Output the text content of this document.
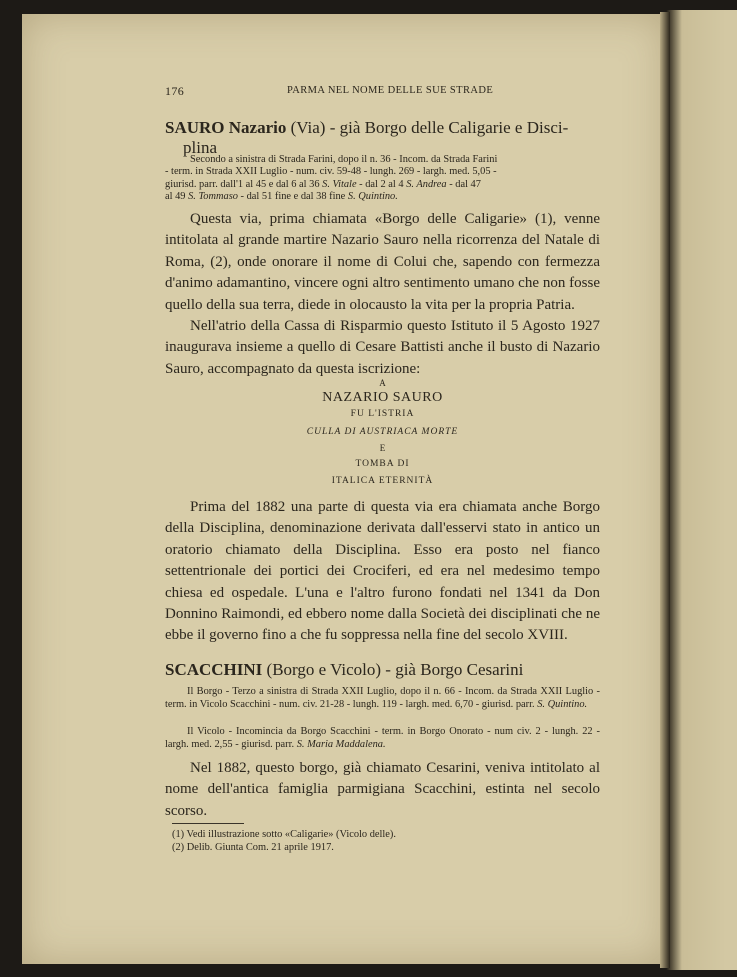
176	PARMA NEL NOME DELLE SUE STRADE
SAURO Nazario (Via) - già Borgo delle Caligarie e Disci-
plina
Secondo a sinistra di Strada Farini, dopo il n. 36 - Incom. da Strada Farini
- term. in Strada XXII Luglio - num. civ. 59-48 - lungh. 269 - largh. med. 5,05 -
giurisd. parr. dall'1 al 45 e dal 6 al 36 S. Vitale - dal 2 al 4 S. Andrea - dal 47
al 49 S. Tommaso - dal 51 fine e dal 38 fine S. Quintino.
Questa via, prima chiamata «Borgo delle Caligarie» (1), venne intitolata al grande martire Nazario Sauro nella ricorrenza del Natale di Roma, (2), onde onorare il nome di Colui che, sapendo con fermezza d'animo adamantino, vincere ogni altro sentimento umano che non fosse quello della sua terra, diede in olocausto la vita per la propria Patria.
Nell'atrio della Cassa di Risparmio questo Istituto il 5 Agosto 1927 inaugurava insieme a quello di Cesare Battisti anche il busto di Nazario Sauro, accompagnato da questa iscrizione:
A
NAZARIO SAURO
FU L'ISTRIA
CULLA DI AUSTRIACA MORTE
E
TOMBA DI
ITALICA ETERNITÀ
Prima del 1882 una parte di questa via era chiamata anche Borgo della Disciplina, denominazione derivata dall'esservi stato in antico un oratorio chiamato della Disciplina. Esso era posto nel fianco settentrionale dei portici dei Crociferi, ed era nel medesimo tempo chiesa ed ospedale. L'una e l'altro furono fondati nel 1341 da Don Donnino Raimondi, ed ebbero nome dalla Società dei disciplinati che ne ebbe il governo fino a che fu soppressa nella fine del secolo XVIII.
SCACCHINI (Borgo e Vicolo) - già Borgo Cesarini
Il Borgo - Terzo a sinistra di Strada XXII Luglio, dopo il n. 66 - Incom. da Strada XXII Luglio - term. in Vicolo Scacchini - num. civ. 21-28 - lungh. 119 - largh. med. 6,70 - giurisd. parr. S. Quintino.
Il Vicolo - Incomincia da Borgo Scacchini - term. in Borgo Onorato - num civ. 2 - lungh. 22 - largh. med. 2,55 - giurisd. parr. S. Maria Maddalena.
Nel 1882, questo borgo, già chiamato Cesarini, veniva intitolato al nome dell'antica famiglia parmigiana Scacchini, estinta nel secolo scorso.
(1) Vedi illustrazione sotto «Caligarie» (Vicolo delle).
(2) Delib. Giunta Com. 21 aprile 1917.
